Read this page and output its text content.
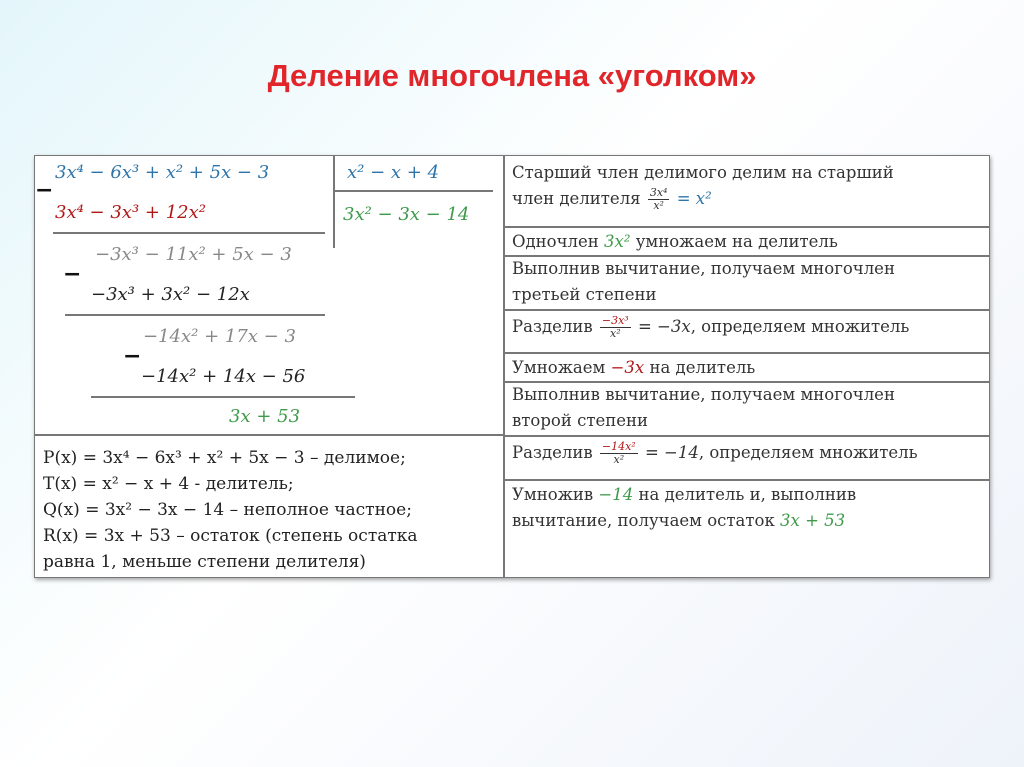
Деление многочлена «уголком»
3x⁴ − 6x³ + x² + 5x − 3	x² − x + 4
3x² − 3x − 14
−
3x⁴ − 3x³ + 12x²
−3x³ − 11x² + 5x − 3
−
−3x³ + 3x² − 12x
−14x² + 17x − 3
−
−14x² + 14x − 56
3x + 53
P(x) = 3x⁴ − 6x³ + x² + 5x − 3 – делимое;
T(x) = x² − x + 4 - делитель;
Q(x) = 3x² − 3x − 14 – неполное частное;
R(x) = 3x + 53 – остаток (степень остатка
равна 1, меньше степени делителя)
Старший член делимого делим на старший
член делителя $\frac{\text{3x⁴}}{\text{x²}} = x^2$
Одночлен 3x² умножаем на делитель
Выполнив вычитание, получаем многочлен
третьей степени
Разделив $\frac{\text{−3x³}}{\text{x²}} = -3x$, определяем множитель
Умножаем −3x на делитель
Выполнив вычитание, получаем многочлен
второй степени
Разделив $\frac{\text{−14x²}}{\text{x²}} = -14$, определяем множитель
Умножив −14 на делитель и, выполнив
вычитание, получаем остаток 3x + 53
